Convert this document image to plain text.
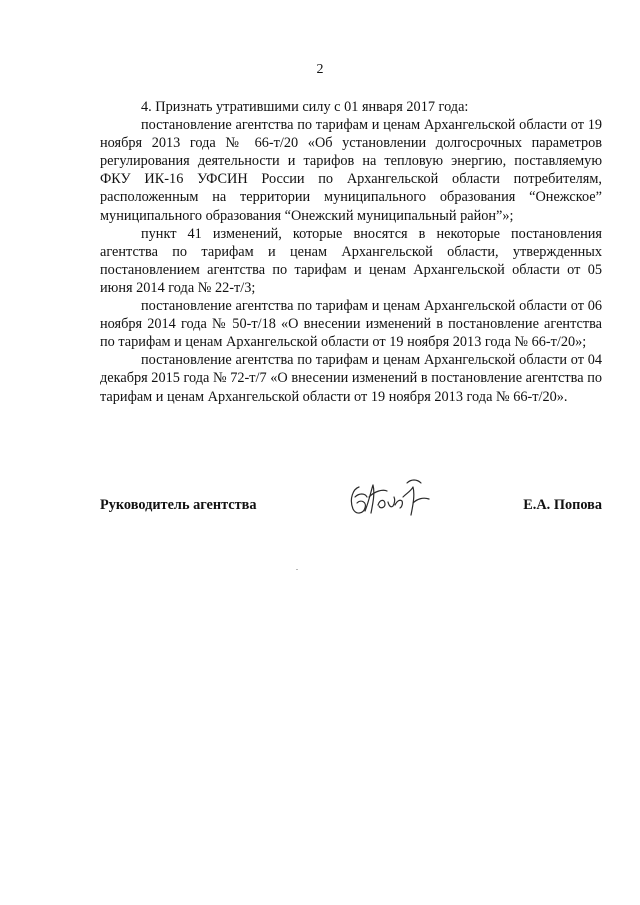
2

4. Признать утратившими силу с 01 января 2017 года:

постановление агентства по тарифам и ценам Архангельской области от 19 ноября 2013 года № 66-т/20 «Об установлении долгосрочных параметров регулирования деятельности и тарифов на тепловую энергию, поставляемую ФКУ ИК-16 УФСИН России по Архангельской области потребителям, расположенным на территории муниципального образования “Онежское” муниципального образования “Онежский муниципальный район”»;

пункт 41 изменений, которые вносятся в некоторые постановления агентства по тарифам и ценам Архангельской области, утвержденных постановлением агентства по тарифам и ценам Архангельской области от 05 июня 2014 года № 22-т/3;

постановление агентства по тарифам и ценам Архангельской области от 06 ноября 2014 года № 50-т/18 «О внесении изменений в постановление агентства по тарифам и ценам Архангельской области от 19 ноября 2013 года № 66-т/20»;

постановление агентства по тарифам и ценам Архангельской области от 04 декабря 2015 года № 72-т/7 «О внесении изменений в постановление агентства по тарифам и ценам Архангельской области от 19 ноября 2013 года № 66-т/20».

Руководитель агентства	Е.А. Попова
